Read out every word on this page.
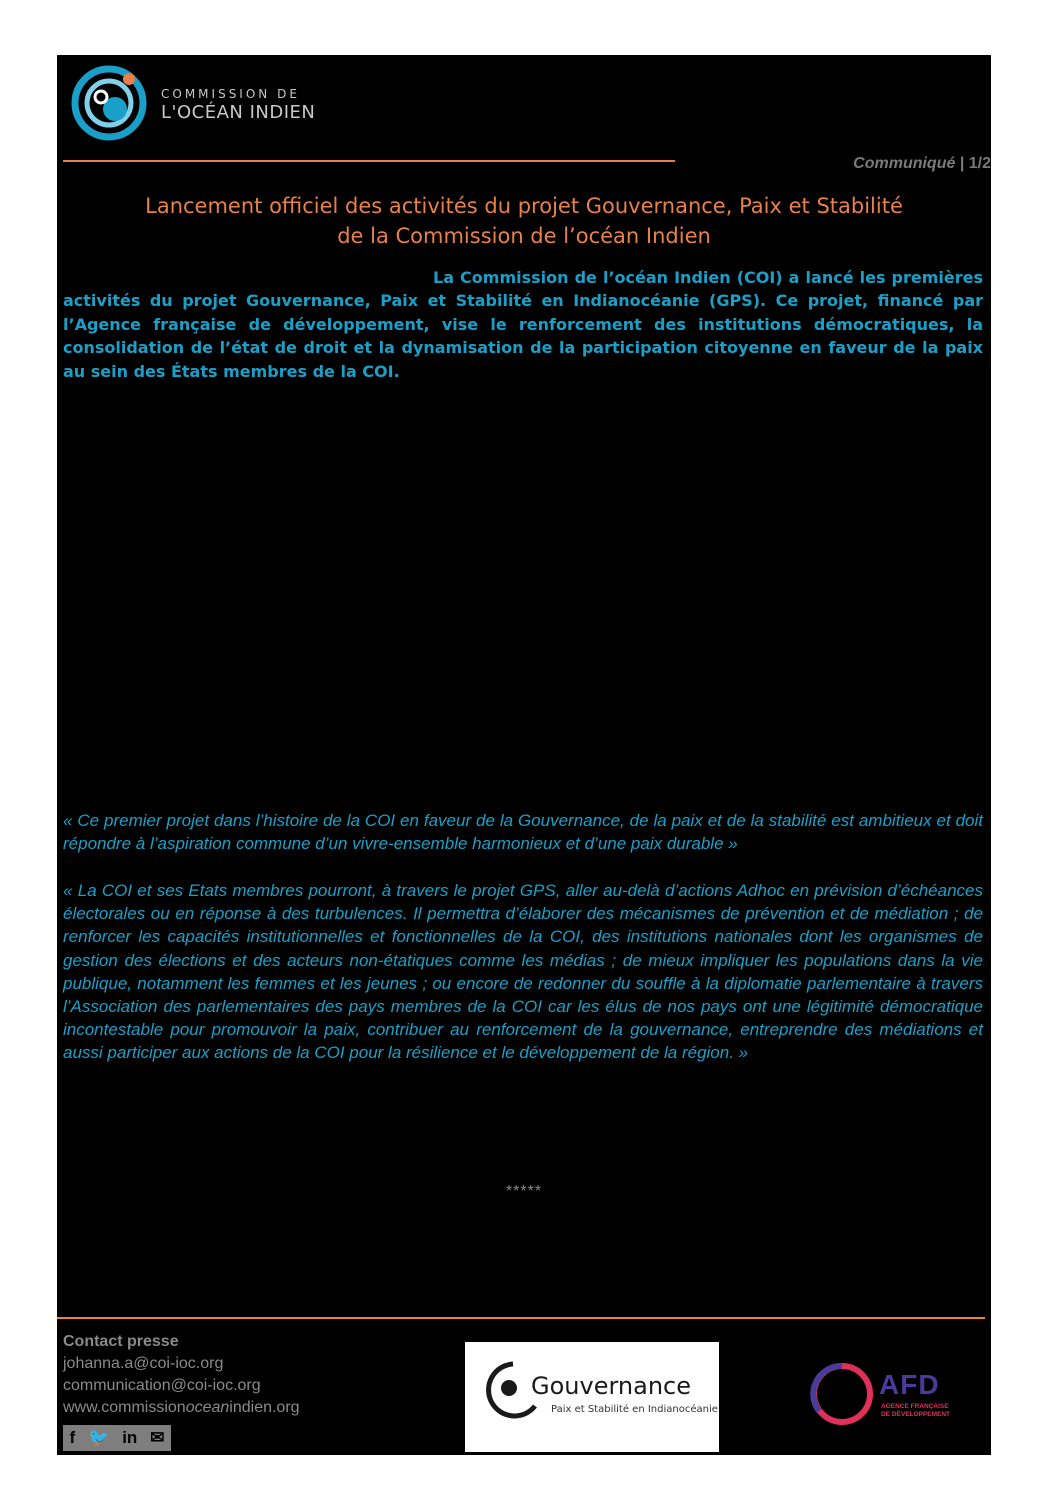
COMMISSION DE
L'OCÉAN INDIEN
Communiqué | 1/2
Lancement officiel des activités du projet Gouvernance, Paix et Stabilité
de la Commission de l’océan Indien

La Commission de l’océan Indien (COI) a lancé les premières activités du projet Gouvernance, Paix et Stabilité en Indianocéanie (GPS). Ce projet, financé par l’Agence française de développement, vise le renforcement des institutions démocratiques, la consolidation de l’état de droit et la dynamisation de la participation citoyenne en faveur de la paix au sein des États membres de la COI.

« Ce premier projet dans l’histoire de la COI en faveur de la Gouvernance, de la paix et de la stabilité est ambitieux et doit répondre à l’aspiration commune d’un vivre-ensemble harmonieux et d’une paix durable »

« La COI et ses Etats membres pourront, à travers le projet GPS, aller au-delà d’actions Adhoc en prévision d’échéances électorales ou en réponse à des turbulences. Il permettra d’élaborer des mécanismes de prévention et de médiation ; de renforcer les capacités institutionnelles et fonctionnelles de la COI, des institutions nationales dont les organismes de gestion des élections et des acteurs non-étatiques comme les médias ; de mieux impliquer les populations dans la vie publique, notamment les femmes et les jeunes ; ou encore de redonner du souffle à la diplomatie parlementaire à travers l’Association des parlementaires des pays membres de la COI car les élus de nos pays ont une légitimité démocratique incontestable pour promouvoir la paix, contribuer au renforcement de la gouvernance, entreprendre des médiations et aussi participer aux actions de la COI pour la résilience et le développement de la région. »

*****
Contact presse
johanna.a@coi-ioc.org
communication@coi-ioc.org
www.commissionoceanindien.org
f 🐦 in ✉
Gouvernance
Paix et Stabilité en Indianocéanie
AFD
AGENCE FRANÇAISE
DE DÉVELOPPEMENT
